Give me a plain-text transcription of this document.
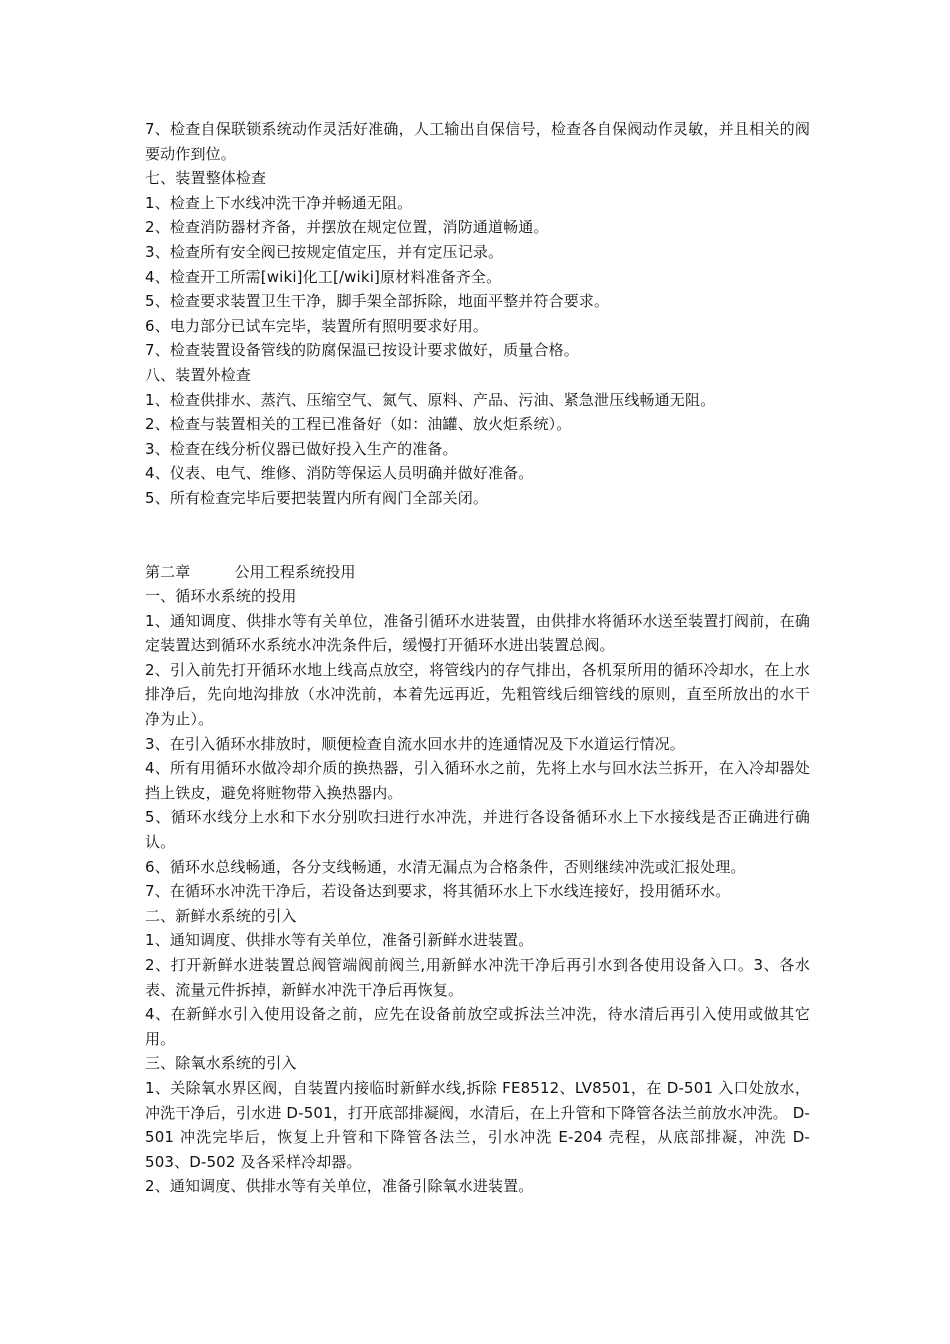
7、检查自保联锁系统动作灵活好准确，人工输出自保信号，检查各自保阀动作灵敏，并且相关的阀要动作到位。

七、装置整体检查

1、检查上下水线冲洗干净并畅通无阻。

2、检查消防器材齐备，并摆放在规定位置，消防通道畅通。

3、检查所有安全阀已按规定值定压，并有定压记录。

4、检查开工所需[wiki]化工[/wiki]原材料准备齐全。

5、检查要求装置卫生干净，脚手架全部拆除，地面平整并符合要求。

6、电力部分已试车完毕，装置所有照明要求好用。

7、检查装置设备管线的防腐保温已按设计要求做好，质量合格。

八、装置外检查

1、检查供排水、蒸汽、压缩空气、氮气、原料、产品、污油、紧急泄压线畅通无阻。

2、检查与装置相关的工程已准备好（如：油罐、放火炬系统）。

3、检查在线分析仪器已做好投入生产的准备。

4、仪表、电气、维修、消防等保运人员明确并做好准备。

5、所有检查完毕后要把装置内所有阀门全部关闭。

第二章	公用工程系统投用

一、循环水系统的投用

1、通知调度、供排水等有关单位，准备引循环水进装置，由供排水将循环水送至装置打阀前，在确定装置达到循环水系统水冲洗条件后，缓慢打开循环水进出装置总阀。

2、引入前先打开循环水地上线高点放空，将管线内的存气排出，各机泵所用的循环冷却水，在上水排净后，先向地沟排放（水冲洗前，本着先远再近，先粗管线后细管线的原则，直至所放出的水干净为止）。

3、在引入循环水排放时，顺便检查自流水回水井的连通情况及下水道运行情况。

4、所有用循环水做冷却介质的换热器，引入循环水之前，先将上水与回水法兰拆开，在入冷却器处挡上铁皮，避免将赃物带入换热器内。

5、循环水线分上水和下水分别吹扫进行水冲洗，并进行各设备循环水上下水接线是否正确进行确认。

6、循环水总线畅通，各分支线畅通，水清无漏点为合格条件，否则继续冲洗或汇报处理。

7、在循环水冲洗干净后，若设备达到要求，将其循环水上下水线连接好，投用循环水。

二、新鲜水系统的引入

1、通知调度、供排水等有关单位，准备引新鲜水进装置。

2、打开新鲜水进装置总阀管端阀前阀兰,用新鲜水冲洗干净后再引水到各使用设备入口。3、各水表、流量元件拆掉，新鲜水冲洗干净后再恢复。

4、在新鲜水引入使用设备之前，应先在设备前放空或拆法兰冲洗，待水清后再引入使用或做其它用。

三、除氧水系统的引入

1、关除氧水界区阀，自装置内接临时新鲜水线,拆除 FE8512、LV8501，在 D-501 入口处放水，冲洗干净后，引水进 D-501，打开底部排凝阀，水清后，在上升管和下降管各法兰前放水冲洗。 D-501 冲洗完毕后，恢复上升管和下降管各法兰，引水冲洗 E-204 壳程，从底部排凝，冲洗 D-503、D-502 及各采样冷却器。

2、通知调度、供排水等有关单位，准备引除氧水进装置。
